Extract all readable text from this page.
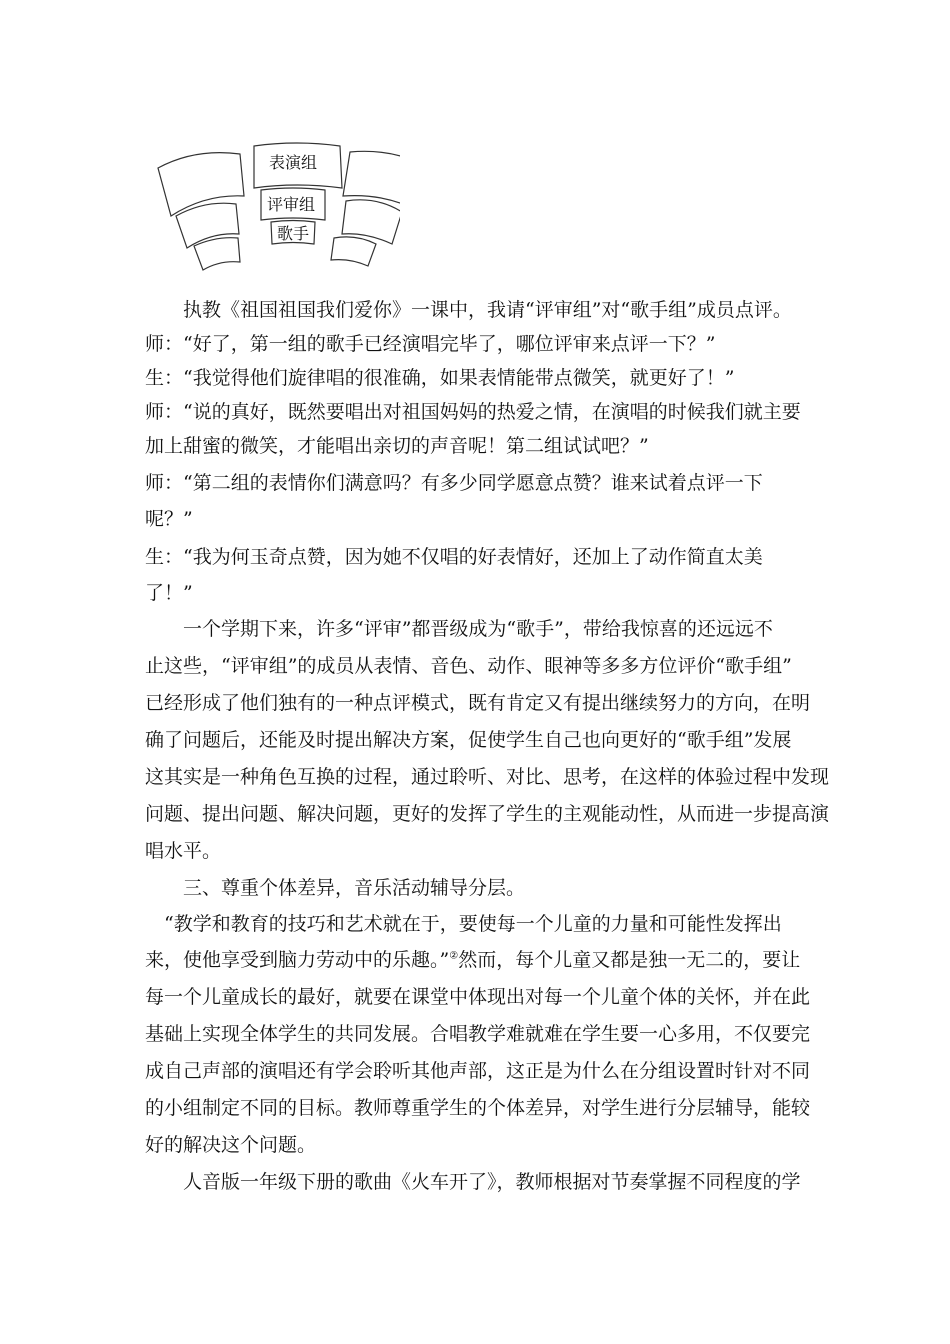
表演组
评审组
歌手
执教《祖国祖国我们爱你》一课中，我请“评审组”对“歌手组”成员点评。
师：“好了，第一组的歌手已经演唱完毕了，哪位评审来点评一下？”
生：“我觉得他们旋律唱的很准确，如果表情能带点微笑，就更好了！”
师：“说的真好，既然要唱出对祖国妈妈的热爱之情，在演唱的时候我们就主要
加上甜蜜的微笑，才能唱出亲切的声音呢！第二组试试吧？”
师：“第二组的表情你们满意吗？有多少同学愿意点赞？谁来试着点评一下
呢？”
生：“我为何玉奇点赞，因为她不仅唱的好表情好，还加上了动作简直太美
了！”
一个学期下来，许多“评审”都晋级成为“歌手”，带给我惊喜的还远远不
止这些，“评审组”的成员从表情、音色、动作、眼神等多多方位评价“歌手组”
已经形成了他们独有的一种点评模式，既有肯定又有提出继续努力的方向，在明
确了问题后，还能及时提出解决方案，促使学生自己也向更好的“歌手组”发展
这其实是一种角色互换的过程，通过聆听、对比、思考，在这样的体验过程中发现
问题、提出问题、解决问题，更好的发挥了学生的主观能动性，从而进一步提高演
唱水平。
三、尊重个体差异，音乐活动辅导分层。
“教学和教育的技巧和艺术就在于，要使每一个儿童的力量和可能性发挥出
来，使他享受到脑力劳动中的乐趣。”②然而，每个儿童又都是独一无二的，要让
每一个儿童成长的最好，就要在课堂中体现出对每一个儿童个体的关怀，并在此
基础上实现全体学生的共同发展。合唱教学难就难在学生要一心多用，不仅要完
成自己声部的演唱还有学会聆听其他声部，这正是为什么在分组设置时针对不同
的小组制定不同的目标。教师尊重学生的个体差异，对学生进行分层辅导，能较
好的解决这个问题。
人音版一年级下册的歌曲《火车开了》，教师根据对节奏掌握不同程度的学
